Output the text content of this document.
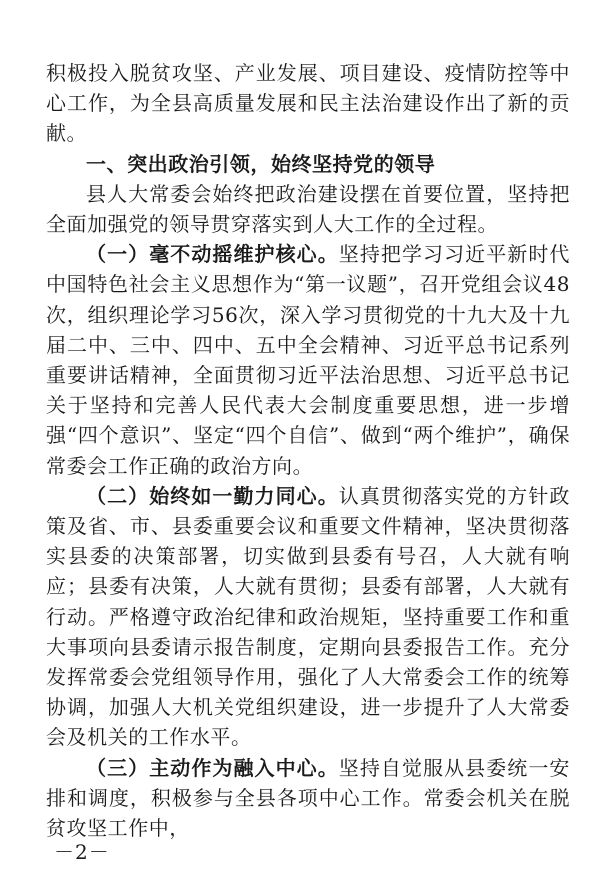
积极投入脱贫攻坚、产业发展、项目建设、疫情防控等中心工作，为全县高质量发展和民主法治建设作出了新的贡献。

一、突出政治引领，始终坚持党的领导

县人大常委会始终把政治建设摆在首要位置，坚持把全面加强党的领导贯穿落实到人大工作的全过程。

（一）毫不动摇维护核心。坚持把学习习近平新时代中国特色社会主义思想作为“第一议题”，召开党组会议48次，组织理论学习56次，深入学习贯彻党的十九大及十九届二中、三中、四中、五中全会精神、习近平总书记系列重要讲话精神，全面贯彻习近平法治思想、习近平总书记关于坚持和完善人民代表大会制度重要思想，进一步增强“四个意识”、坚定“四个自信”、做到“两个维护”，确保常委会工作正确的政治方向。

（二）始终如一勤力同心。认真贯彻落实党的方针政策及省、市、县委重要会议和重要文件精神，坚决贯彻落实县委的决策部署，切实做到县委有号召，人大就有响应；县委有决策，人大就有贯彻；县委有部署，人大就有行动。严格遵守政治纪律和政治规矩，坚持重要工作和重大事项向县委请示报告制度，定期向县委报告工作。充分发挥常委会党组领导作用，强化了人大常委会工作的统筹协调，加强人大机关党组织建设，进一步提升了人大常委会及机关的工作水平。

（三）主动作为融入中心。坚持自觉服从县委统一安排和调度，积极参与全县各项中心工作。常委会机关在脱贫攻坚工作中，

－2－
